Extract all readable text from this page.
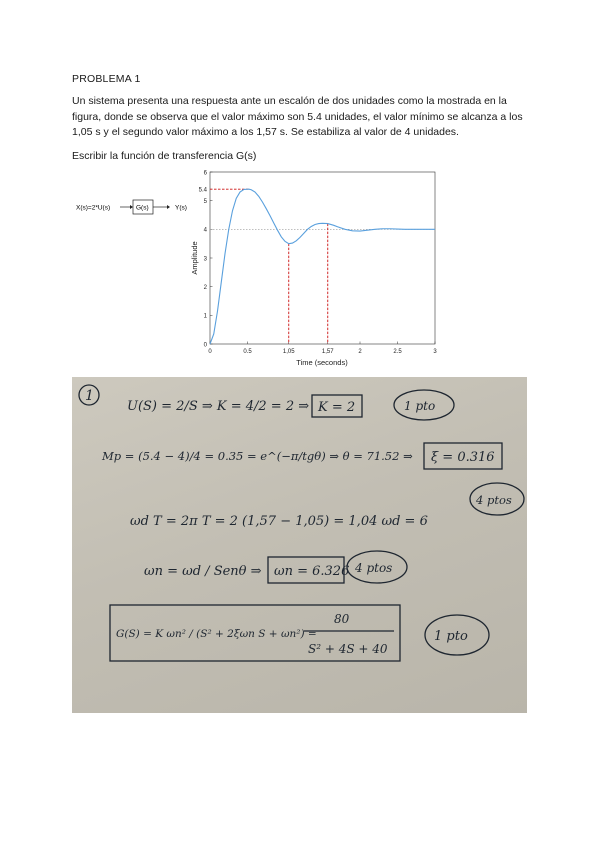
PROBLEMA 1
Un sistema presenta una respuesta ante un escalón de dos unidades como la mostrada en la figura, donde se observa que el valor máximo son 5.4 unidades, el valor mínimo se alcanza a los 1,05 s y el segundo valor máximo a los 1,57 s. Se estabiliza al valor de 4 unidades.
Escribir la función de transferencia G(s)
X(s)=2*U(s)	G(s)	Y(s)
0
1
2
3
4
5
5.4
6
0	0.5	1,05	1,57	2	2.5	3
Time (seconds)
Amplitude
1
U(S) = 2/S ⇒ K = 4/2 = 2 ⇒ K = 2	1 pto
Mp = (5.4 − 4)/4 = 0.35 = e^(−π/tgθ) ⇒ θ = 71.52 ⇒ ξ = 0.316
4 ptos
ωd T = 2π T = 2 (1,57 − 1,05) = 1,04 ωd = 6
ωn = ωd / Senθ ⇒ ωn = 6.326 4 ptos
G(S) = K ωn² / (S² + 2ξωn S + ωn²) =
80
S² + 4S + 40
1 pto
